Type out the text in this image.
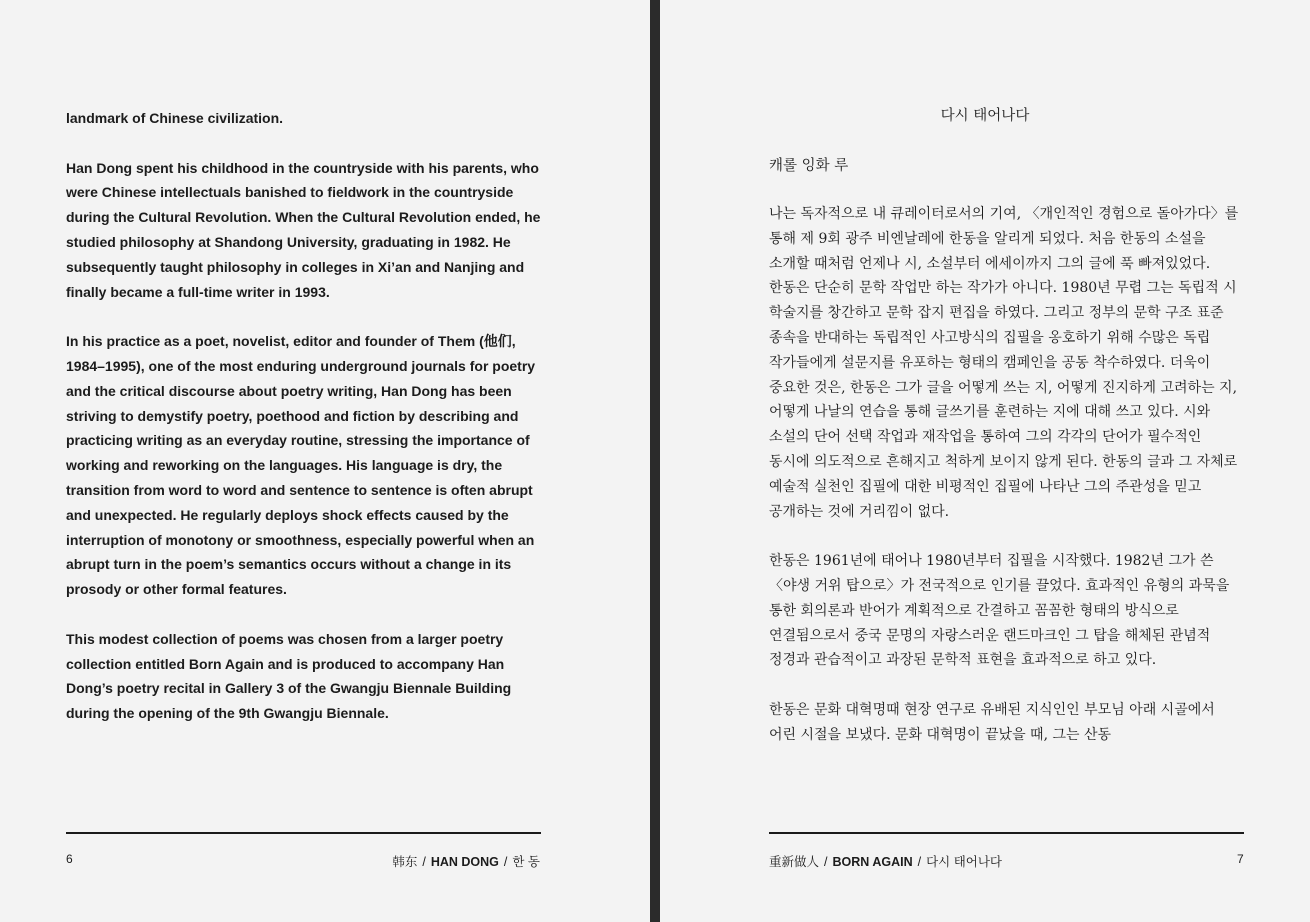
landmark of Chinese civilization.

Han Dong spent his childhood in the countryside with his parents, who were Chinese intellectuals banished to fieldwork in the countryside during the Cultural Revolution. When the Cultural Revolution ended, he studied philosophy at Shandong University, graduating in 1982. He subsequently taught philosophy in colleges in Xi’an and Nanjing and finally became a full-time writer in 1993.

In his practice as a poet, novelist, editor and founder of Them (他们, 1984–1995), one of the most enduring underground journals for poetry and the critical discourse about poetry writing, Han Dong has been striving to demystify poetry, poethood and fiction by describing and practicing writing as an everyday routine, stressing the importance of working and reworking on the languages. His language is dry, the transition from word to word and sentence to sentence is often abrupt and unexpected. He regularly deploys shock effects caused by the interruption of monotony or smoothness, especially powerful when an abrupt turn in the poem’s semantics occurs without a change in its prosody or other formal features.

This modest collection of poems was chosen from a larger poetry collection entitled Born Again and is produced to accompany Han Dong’s poetry recital in Gallery 3 of the Gwangju Biennale Building during the opening of the 9th Gwangju Biennale.

6	韩东 / HAN DONG / 한 동
다시 태어나다
캐롤 잉화 루

나는 독자적으로 내 큐레이터로서의 기여, 〈개인적인 경험으로 돌아가다〉를 통해 제 9회 광주 비엔날레에 한동을 알리게 되었다. 처음 한동의 소설을 소개할 때처럼 언제나 시, 소설부터 에세이까지 그의 글에 푹 빠져있었다. 한동은 단순히 문학 작업만 하는 작가가 아니다. 1980년 무렵 그는 독립적 시 학술지를 창간하고 문학 잡지 편집을 하였다. 그리고 정부의 문학 구조 표준 종속을 반대하는 독립적인 사고방식의 집필을 옹호하기 위해 수많은 독립 작가들에게 설문지를 유포하는 형태의 캠페인을 공동 착수하였다. 더욱이 중요한 것은, 한동은 그가 글을 어떻게 쓰는 지, 어떻게 진지하게 고려하는 지, 어떻게 나날의 연습을 통해 글쓰기를 훈련하는 지에 대해 쓰고 있다. 시와 소설의 단어 선택 작업과 재작업을 통하여 그의 각각의 단어가 필수적인 동시에 의도적으로 흔해지고 척하게 보이지 않게 된다. 한동의 글과 그 자체로 예술적 실천인 집필에 대한 비평적인 집필에 나타난 그의 주관성을 믿고 공개하는 것에 거리낌이 없다.

한동은 1961년에 태어나 1980년부터 집필을 시작했다. 1982년 그가 쓴 〈야생 거위 탑으로〉가 전국적으로 인기를 끌었다. 효과적인 유형의 과묵을 통한 회의론과 반어가 계획적으로 간결하고 꼼꼼한 형태의 방식으로 연결됨으로서 중국 문명의 자랑스러운 랜드마크인 그 탑을 해체된 관념적 정경과 관습적이고 과장된 문학적 표현을 효과적으로 하고 있다.

한동은 문화 대혁명때 현장 연구로 유배된 지식인인 부모님 아래 시골에서 어린 시절을 보냈다. 문화 대혁명이 끝났을 때, 그는 산동

重新做人 / BORN AGAIN / 다시 태어나다	7
